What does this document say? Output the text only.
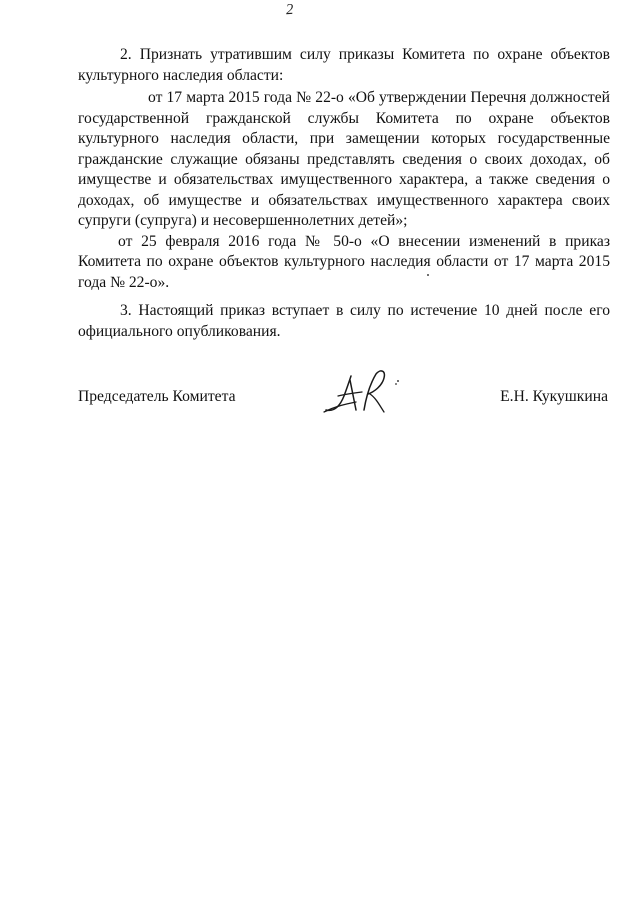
2

2. Признать утратившим силу приказы Комитета по охране объектов культурного наследия области:

от 17 марта 2015 года № 22-о «Об утверждении Перечня должностей государственной гражданской службы Комитета по охране объектов культурного наследия области, при замещении которых государственные гражданские служащие обязаны представлять сведения о своих доходах, об имуществе и обязательствах имущественного характера, а также сведения о доходах, об имуществе и обязательствах имущественного характера своих супруги (супруга) и несовершеннолетних детей»;

от 25 февраля 2016 года № 50-о «О внесении изменений в приказ Комитета по охране объектов культурного наследия области от 17 марта 2015 года № 22-о».

3. Настоящий приказ вступает в силу по истечение 10 дней после его официального опубликования.

Председатель Комитета	Е.Н. Кукушкина
